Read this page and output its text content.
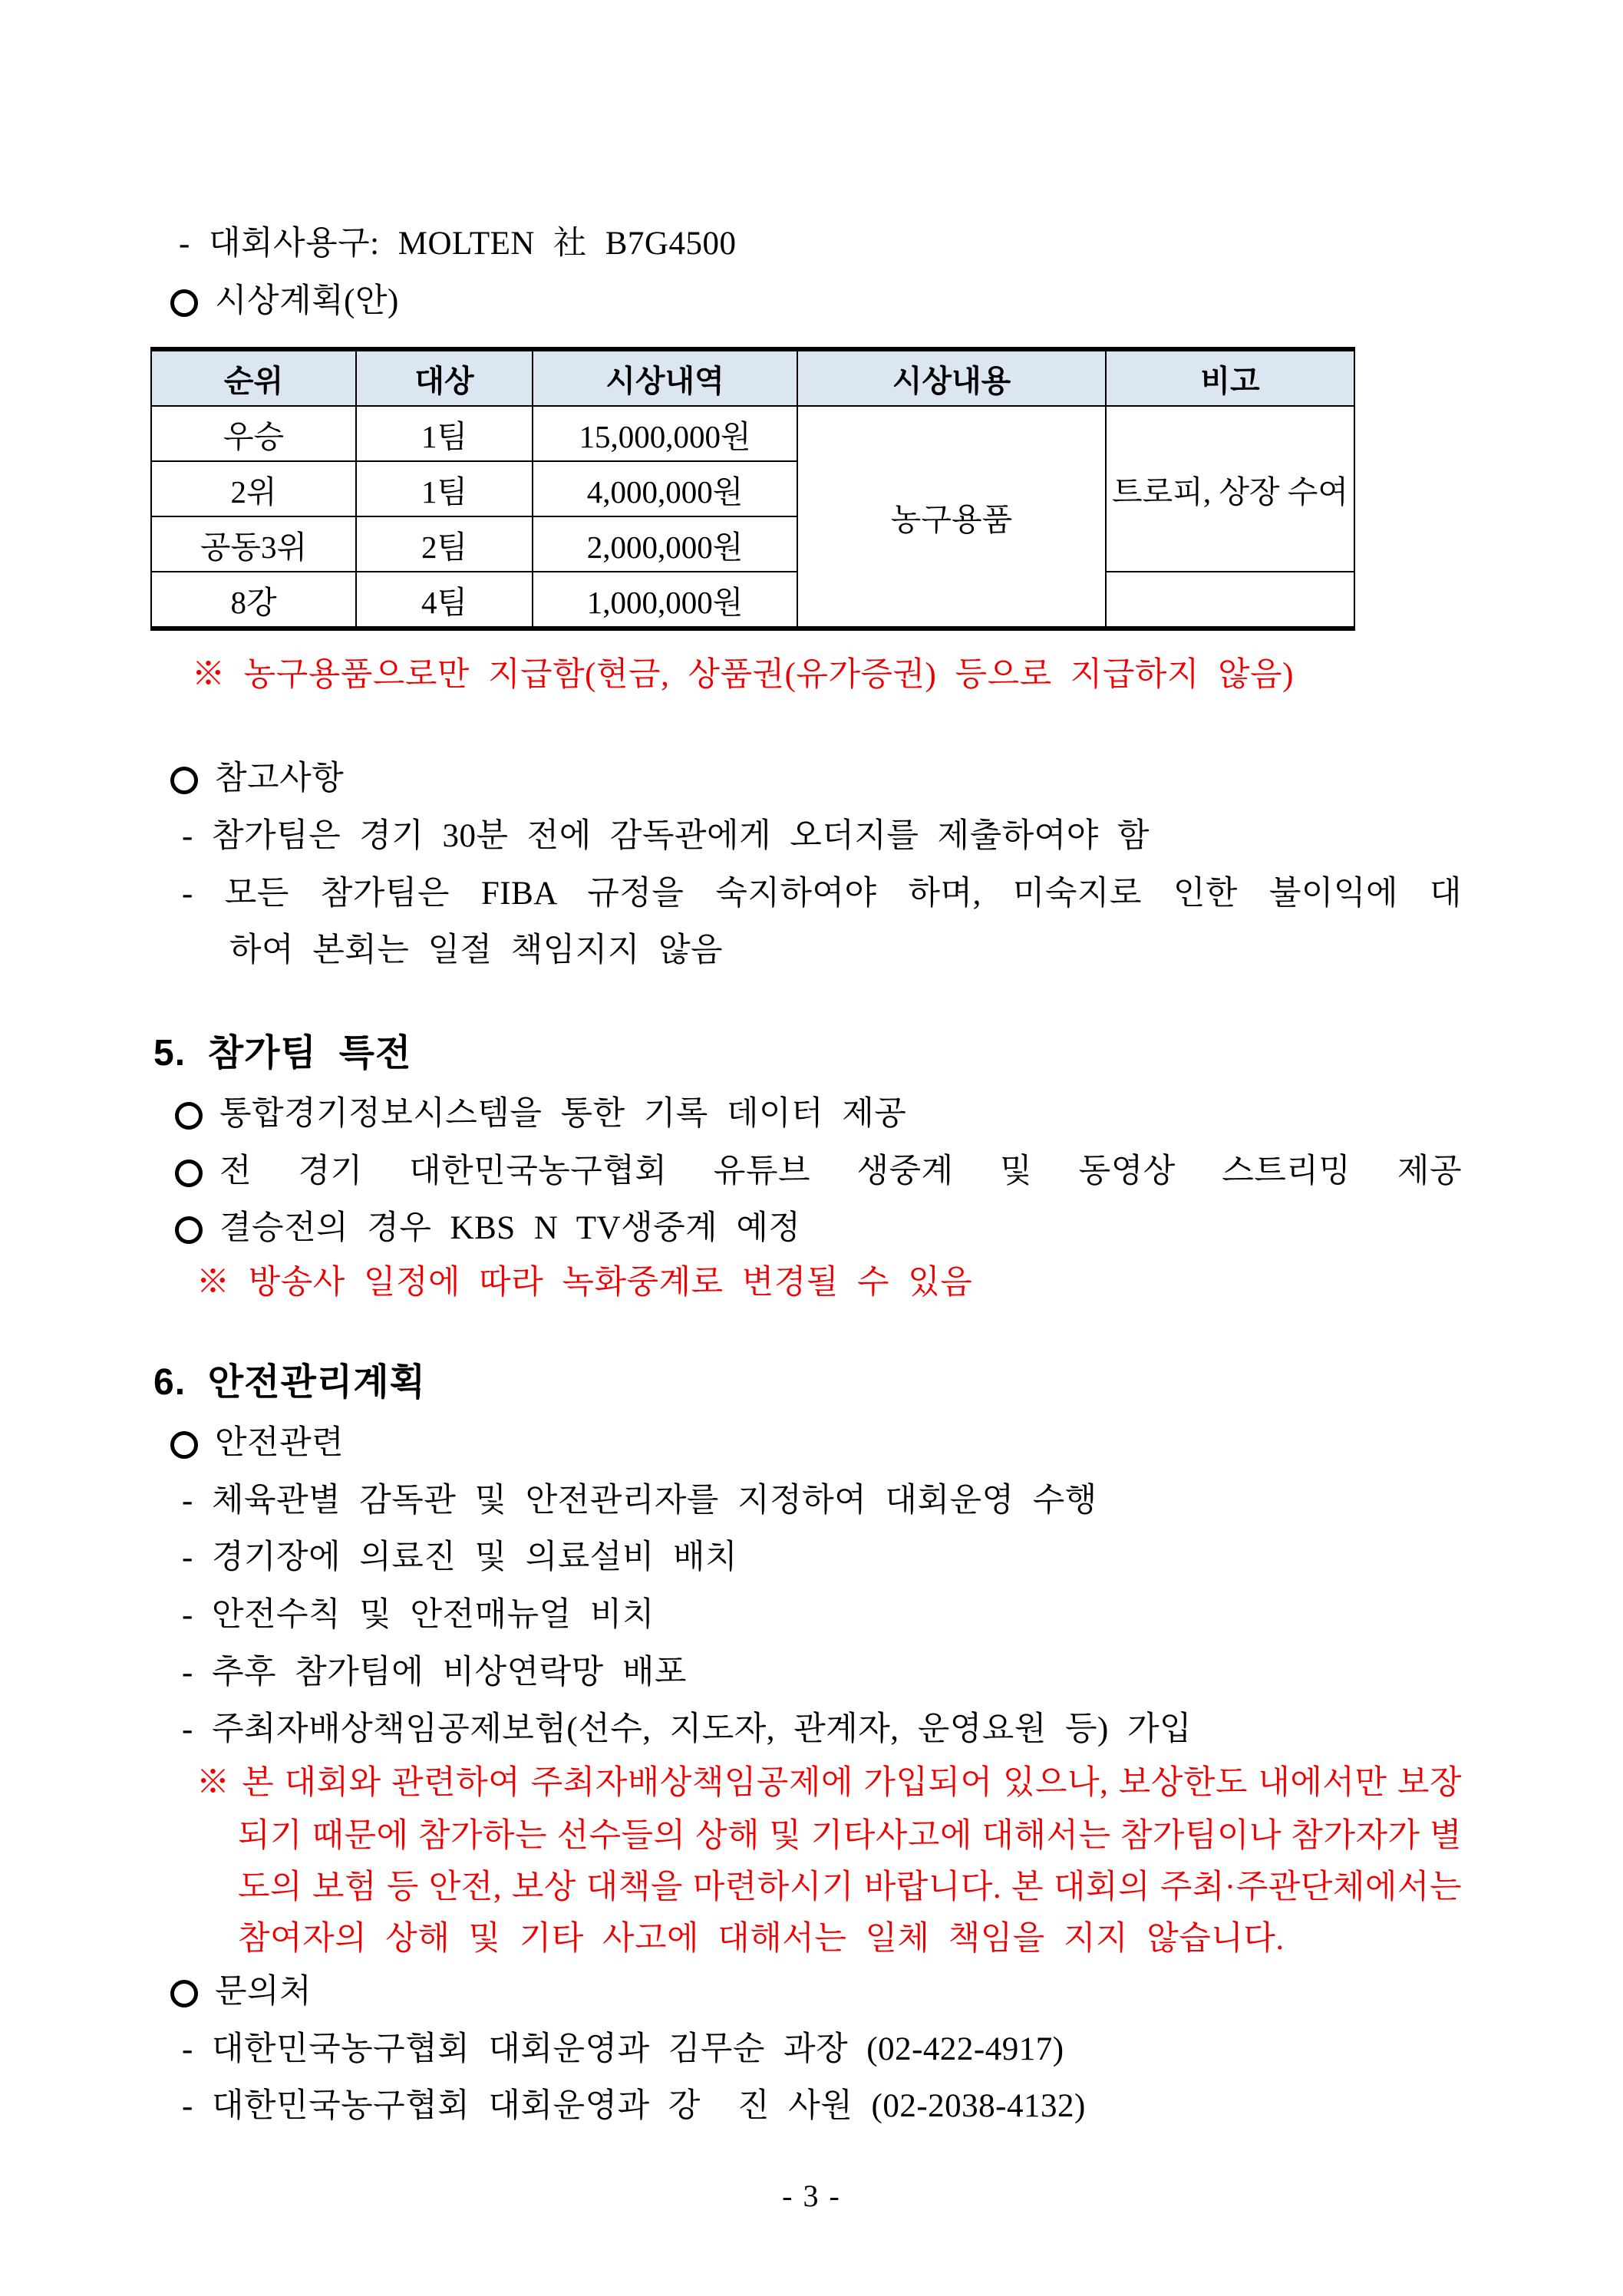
- 대회사용구: MOLTEN 社 B7G4500
시상계획(안)
순위	대상	시상내역	시상내용	비고
우승	1팀	15,000,000원	농구용품	트로피, 상장 수여
2위	1팀	4,000,000원		
공동3위	2팀	2,000,000원		
8강	4팀	1,000,000원		
※ 농구용품으로만 지급함(현금, 상품권(유가증권) 등으로 지급하지 않음)
참고사항
- 참가팀은 경기 30분 전에 감독관에게 오더지를 제출하여야 함
- 모든 참가팀은 FIBA 규정을 숙지하여야 하며, 미숙지로 인한 불이익에 대
하여 본회는 일절 책임지지 않음
5. 참가팀 특전
통합경기정보시스템을 통한 기록 데이터 제공
전 경기 대한민국농구협회 유튜브 생중계 및 동영상 스트리밍 제공
결승전의 경우 KBS N TV생중계 예정
※ 방송사 일정에 따라 녹화중계로 변경될 수 있음
6. 안전관리계획
안전관련
- 체육관별 감독관 및 안전관리자를 지정하여 대회운영 수행
- 경기장에 의료진 및 의료설비 배치
- 안전수칙 및 안전매뉴얼 비치
- 추후 참가팀에 비상연락망 배포
- 주최자배상책임공제보험(선수, 지도자, 관계자, 운영요원 등) 가입
※ 본 대회와 관련하여 주최자배상책임공제에 가입되어 있으나, 보상한도 내에서만 보장
되기 때문에 참가하는 선수들의 상해 및 기타사고에 대해서는 참가팀이나 참가자가 별
도의 보험 등 안전, 보상 대책을 마련하시기 바랍니다. 본 대회의 주최·주관단체에서는
참여자의 상해 및 기타 사고에 대해서는 일체 책임을 지지 않습니다.
문의처
- 대한민국농구협회 대회운영과 김무순 과장 (02-422-4917)
- 대한민국농구협회 대회운영과 강  진 사원 (02-2038-4132)
- 3 -
